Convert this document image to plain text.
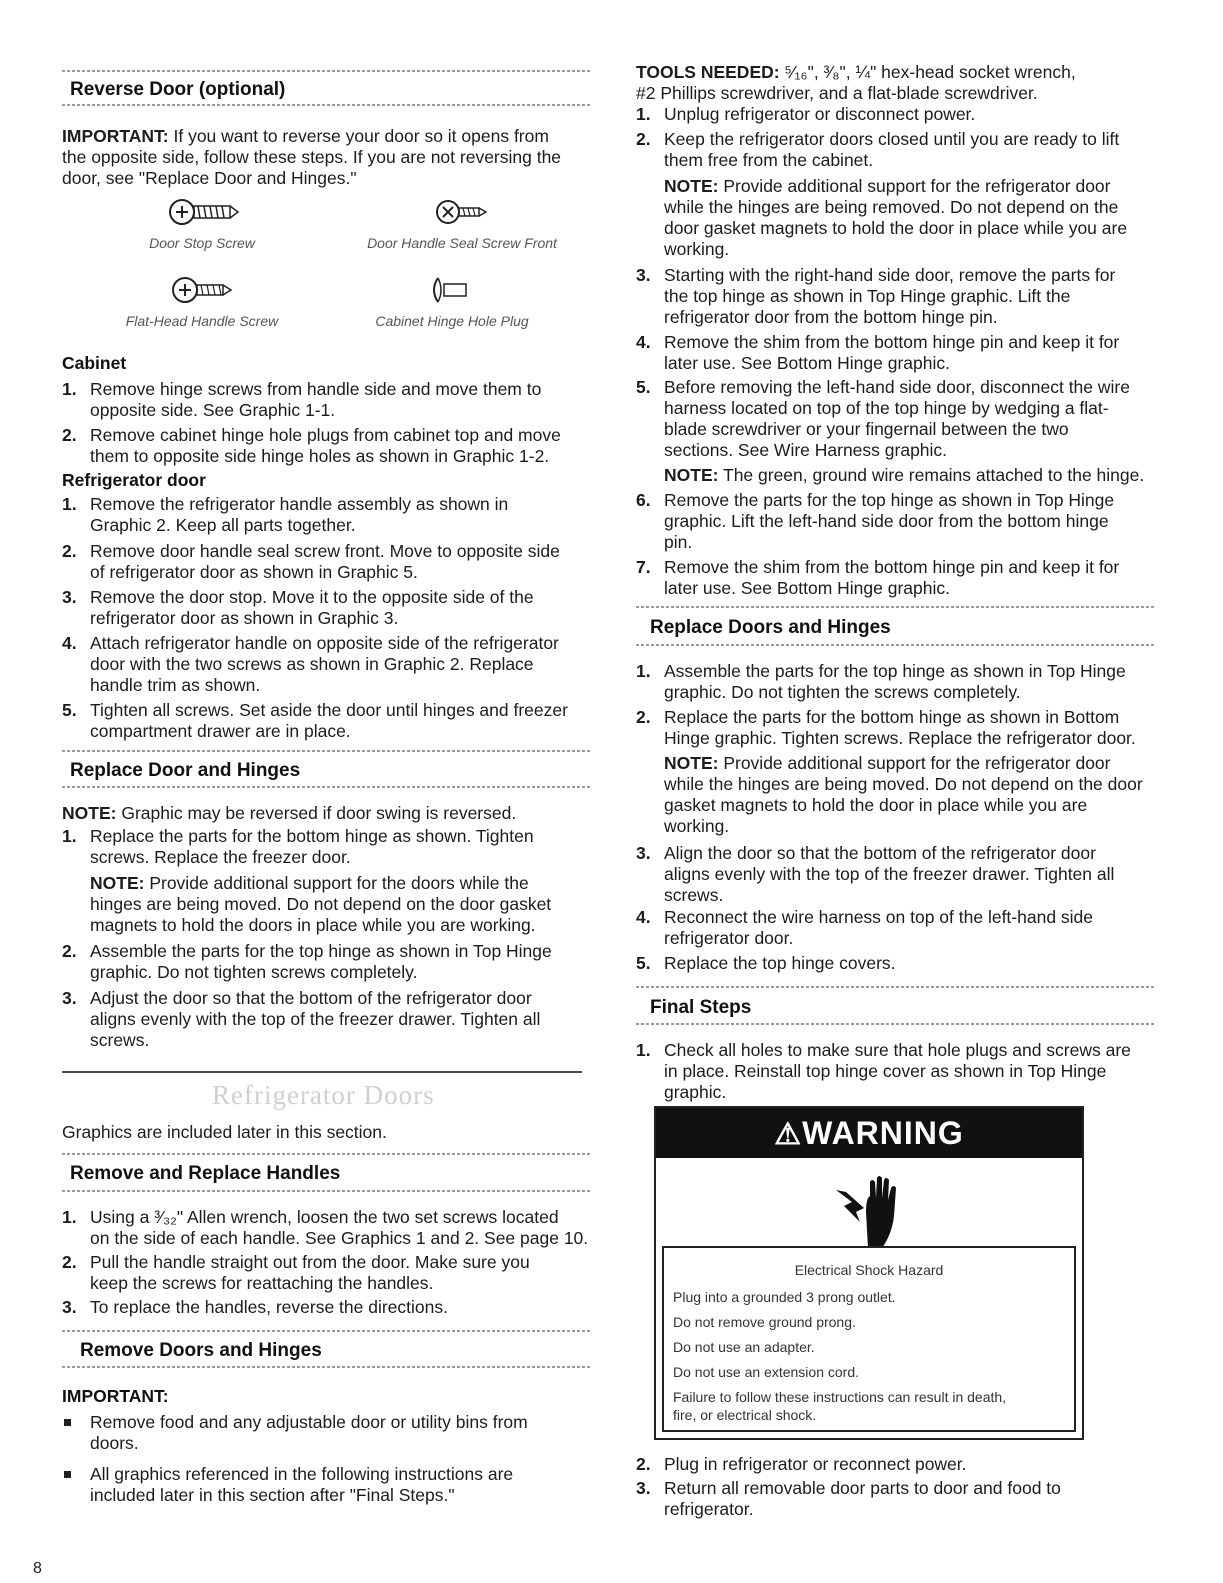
Reverse Door (optional)
IMPORTANT: If you want to reverse your door so it opens from
the opposite side, follow these steps. If you are not reversing the
door, see "Replace Door and Hinges."
Door Stop Screw	Door Handle Seal Screw Front
Flat-Head Handle Screw	Cabinet Hinge Hole Plug
Cabinet
1. Remove hinge screws from handle side and move them to
opposite side. See Graphic 1-1.
2. Remove cabinet hinge hole plugs from cabinet top and move
them to opposite side hinge holes as shown in Graphic 1-2.
Refrigerator door
1. Remove the refrigerator handle assembly as shown in
Graphic 2. Keep all parts together.
2. Remove door handle seal screw front. Move to opposite side
of refrigerator door as shown in Graphic 5.
3. Remove the door stop. Move it to the opposite side of the
refrigerator door as shown in Graphic 3.
4. Attach refrigerator handle on opposite side of the refrigerator
door with the two screws as shown in Graphic 2. Replace
handle trim as shown.
5. Tighten all screws. Set aside the door until hinges and freezer
compartment drawer are in place.
Replace Door and Hinges
NOTE: Graphic may be reversed if door swing is reversed.
1. Replace the parts for the bottom hinge as shown. Tighten
screws. Replace the freezer door.
NOTE: Provide additional support for the doors while the
hinges are being moved. Do not depend on the door gasket
magnets to hold the doors in place while you are working.
2. Assemble the parts for the top hinge as shown in Top Hinge
graphic. Do not tighten screws completely.
3. Adjust the door so that the bottom of the refrigerator door
aligns evenly with the top of the freezer drawer. Tighten all
screws.
Refrigerator Doors
Graphics are included later in this section.
Remove and Replace Handles
1. Using a ³⁄₃₂" Allen wrench, loosen the two set screws located
on the side of each handle. See Graphics 1 and 2. See page 10.
2. Pull the handle straight out from the door. Make sure you
keep the screws for reattaching the handles.
3. To replace the handles, reverse the directions.
Remove Doors and Hinges
IMPORTANT:
Remove food and any adjustable door or utility bins from
doors.
All graphics referenced in the following instructions are
included later in this section after "Final Steps."
TOOLS NEEDED: ⁵⁄₁₆", ³⁄₈", ¼" hex-head socket wrench,
#2 Phillips screwdriver, and a flat-blade screwdriver.
1. Unplug refrigerator or disconnect power.
2. Keep the refrigerator doors closed until you are ready to lift
them free from the cabinet.
NOTE: Provide additional support for the refrigerator door
while the hinges are being removed. Do not depend on the
door gasket magnets to hold the door in place while you are
working.
3. Starting with the right-hand side door, remove the parts for
the top hinge as shown in Top Hinge graphic. Lift the
refrigerator door from the bottom hinge pin.
4. Remove the shim from the bottom hinge pin and keep it for
later use. See Bottom Hinge graphic.
5. Before removing the left-hand side door, disconnect the wire
harness located on top of the top hinge by wedging a flat-
blade screwdriver or your fingernail between the two
sections. See Wire Harness graphic.
NOTE: The green, ground wire remains attached to the hinge.
6. Remove the parts for the top hinge as shown in Top Hinge
graphic. Lift the left-hand side door from the bottom hinge
pin.
7. Remove the shim from the bottom hinge pin and keep it for
later use. See Bottom Hinge graphic.
Replace Doors and Hinges
1. Assemble the parts for the top hinge as shown in Top Hinge
graphic. Do not tighten the screws completely.
2. Replace the parts for the bottom hinge as shown in Bottom
Hinge graphic. Tighten screws. Replace the refrigerator door.
NOTE: Provide additional support for the refrigerator door
while the hinges are being moved. Do not depend on the door
gasket magnets to hold the door in place while you are
working.
3. Align the door so that the bottom of the refrigerator door
aligns evenly with the top of the freezer drawer. Tighten all
screws.
4. Reconnect the wire harness on top of the left-hand side
refrigerator door.
5. Replace the top hinge covers.
Final Steps
1. Check all holes to make sure that hole plugs and screws are
in place. Reinstall top hinge cover as shown in Top Hinge
graphic.
2. Plug in refrigerator or reconnect power.
3. Return all removable door parts to door and food to
refrigerator.
⚠WARNING
Electrical Shock Hazard
Plug into a grounded 3 prong outlet.
Do not remove ground prong.
Do not use an adapter.
Do not use an extension cord.
Failure to follow these instructions can result in death,
fire, or electrical shock.
8
